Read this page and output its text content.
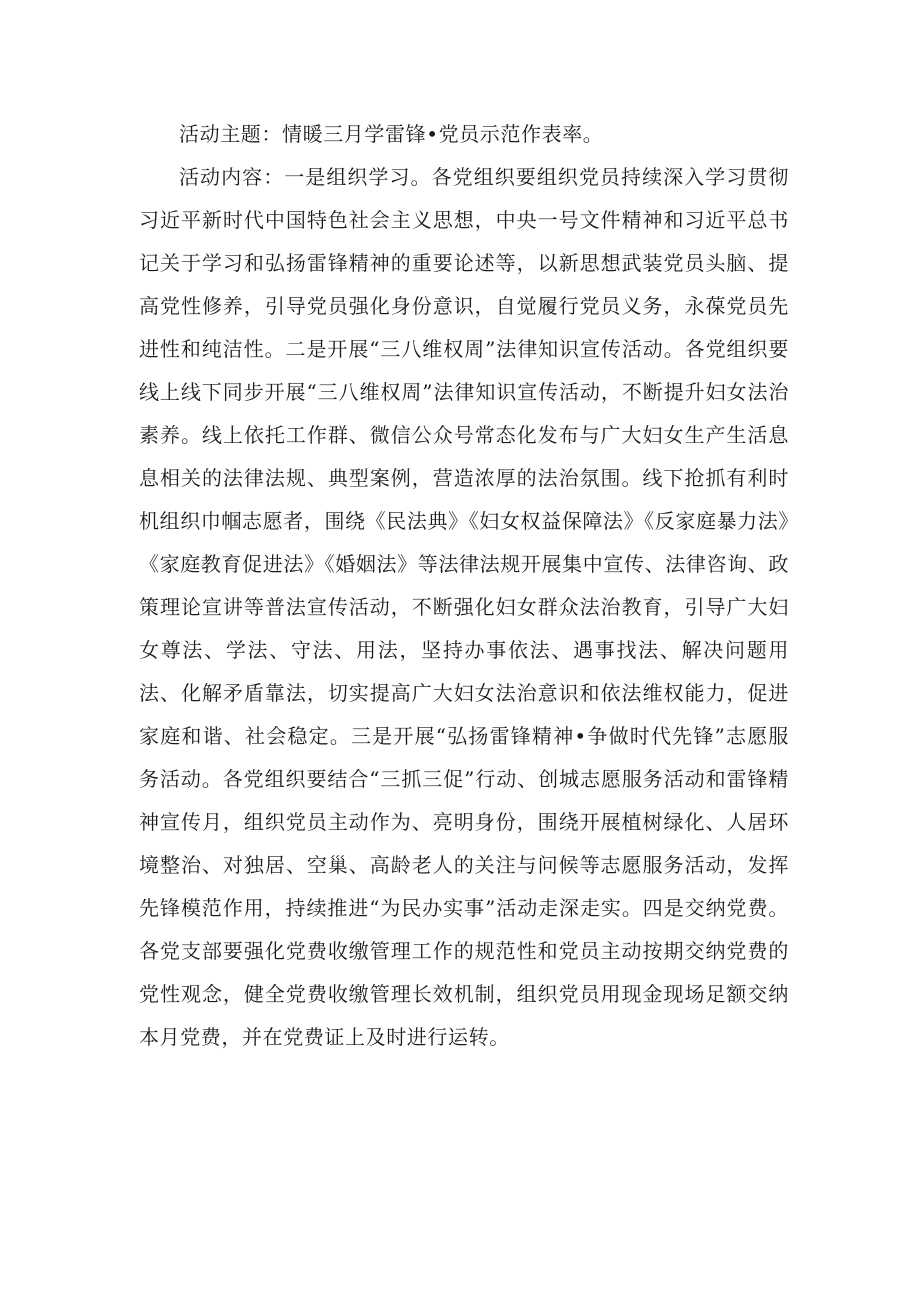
活动主题：情暖三月学雷锋•党员示范作表率。

活动内容：一是组织学习。各党组织要组织党员持续深入学习贯彻习近平新时代中国特色社会主义思想，中央一号文件精神和习近平总书记关于学习和弘扬雷锋精神的重要论述等，以新思想武装党员头脑、提高党性修养，引导党员强化身份意识，自觉履行党员义务，永葆党员先进性和纯洁性。二是开展“三八维权周”法律知识宣传活动。各党组织要线上线下同步开展“三八维权周”法律知识宣传活动，不断提升妇女法治素养。线上依托工作群、微信公众号常态化发布与广大妇女生产生活息息相关的法律法规、典型案例，营造浓厚的法治氛围。线下抢抓有利时机组织巾帼志愿者，围绕《民法典》《妇女权益保障法》《反家庭暴力法》《家庭教育促进法》《婚姻法》等法律法规开展集中宣传、法律咨询、政策理论宣讲等普法宣传活动，不断强化妇女群众法治教育，引导广大妇女尊法、学法、守法、用法，坚持办事依法、遇事找法、解决问题用法、化解矛盾靠法，切实提高广大妇女法治意识和依法维权能力，促进家庭和谐、社会稳定。三是开展“弘扬雷锋精神•争做时代先锋”志愿服务活动。各党组织要结合“三抓三促”行动、创城志愿服务活动和雷锋精神宣传月，组织党员主动作为、亮明身份，围绕开展植树绿化、人居环境整治、对独居、空巢、高龄老人的关注与问候等志愿服务活动，发挥先锋模范作用，持续推进“为民办实事”活动走深走实。四是交纳党费。各党支部要强化党费收缴管理工作的规范性和党员主动按期交纳党费的党性观念，健全党费收缴管理长效机制，组织党员用现金现场足额交纳本月党费，并在党费证上及时进行运转。
